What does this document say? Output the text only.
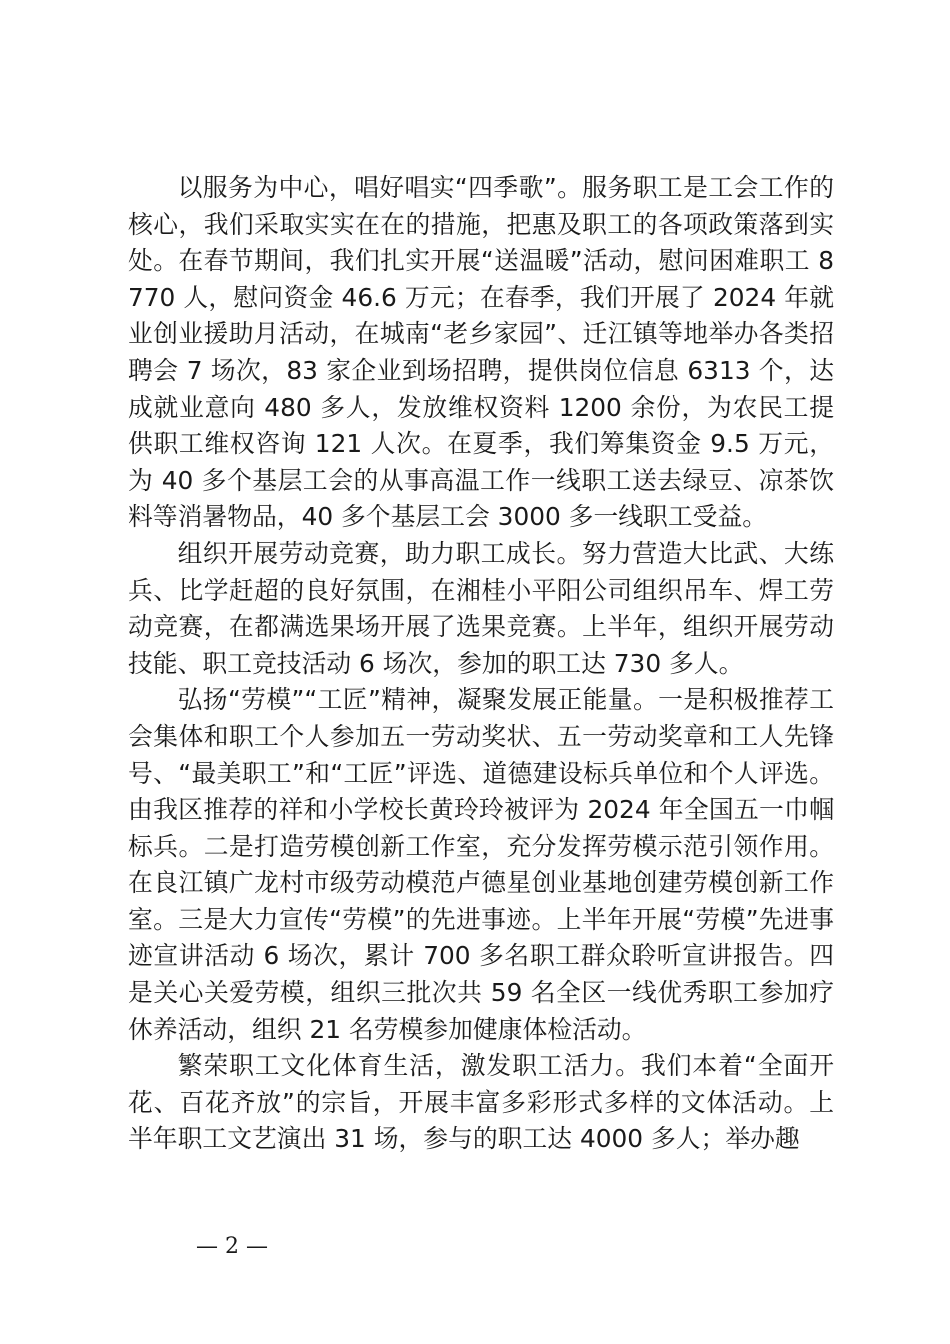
以服务为中心，唱好唱实“四季歌”。服务职工是工会工作的核心，我们采取实实在在的措施，把惠及职工的各项政策落到实处。在春节期间，我们扎实开展“送温暖”活动，慰问困难职工 8770 人，慰问资金 46.6 万元；在春季，我们开展了 2024 年就业创业援助月活动，在城南“老乡家园”、迁江镇等地举办各类招聘会 7 场次，83 家企业到场招聘，提供岗位信息 6313 个，达成就业意向 480 多人，发放维权资料 1200 余份，为农民工提供职工维权咨询 121 人次。在夏季，我们筹集资金 9.5 万元，为 40 多个基层工会的从事高温工作一线职工送去绿豆、凉茶饮料等消暑物品，40 多个基层工会 3000 多一线职工受益。

组织开展劳动竞赛，助力职工成长。努力营造大比武、大练兵、比学赶超的良好氛围，在湘桂小平阳公司组织吊车、焊工劳动竞赛，在都满选果场开展了选果竞赛。上半年，组织开展劳动技能、职工竞技活动 6 场次，参加的职工达 730 多人。

弘扬“劳模”“工匠”精神，凝聚发展正能量。一是积极推荐工会集体和职工个人参加五一劳动奖状、五一劳动奖章和工人先锋号、“最美职工”和“工匠”评选、道德建设标兵单位和个人评选。由我区推荐的祥和小学校长黄玲玲被评为 2024 年全国五一巾帼标兵。二是打造劳模创新工作室，充分发挥劳模示范引领作用。在良江镇广龙村市级劳动模范卢德星创业基地创建劳模创新工作室。三是大力宣传“劳模”的先进事迹。上半年开展“劳模”先进事迹宣讲活动 6 场次，累计 700 多名职工群众聆听宣讲报告。四是关心关爱劳模，组织三批次共 59 名全区一线优秀职工参加疗休养活动，组织 21 名劳模参加健康体检活动。

繁荣职工文化体育生活，激发职工活力。我们本着“全面开花、百花齐放”的宗旨，开展丰富多彩形式多样的文体活动。上半年职工文艺演出 31 场，参与的职工达 4000 多人；举办趣

— 2 —
